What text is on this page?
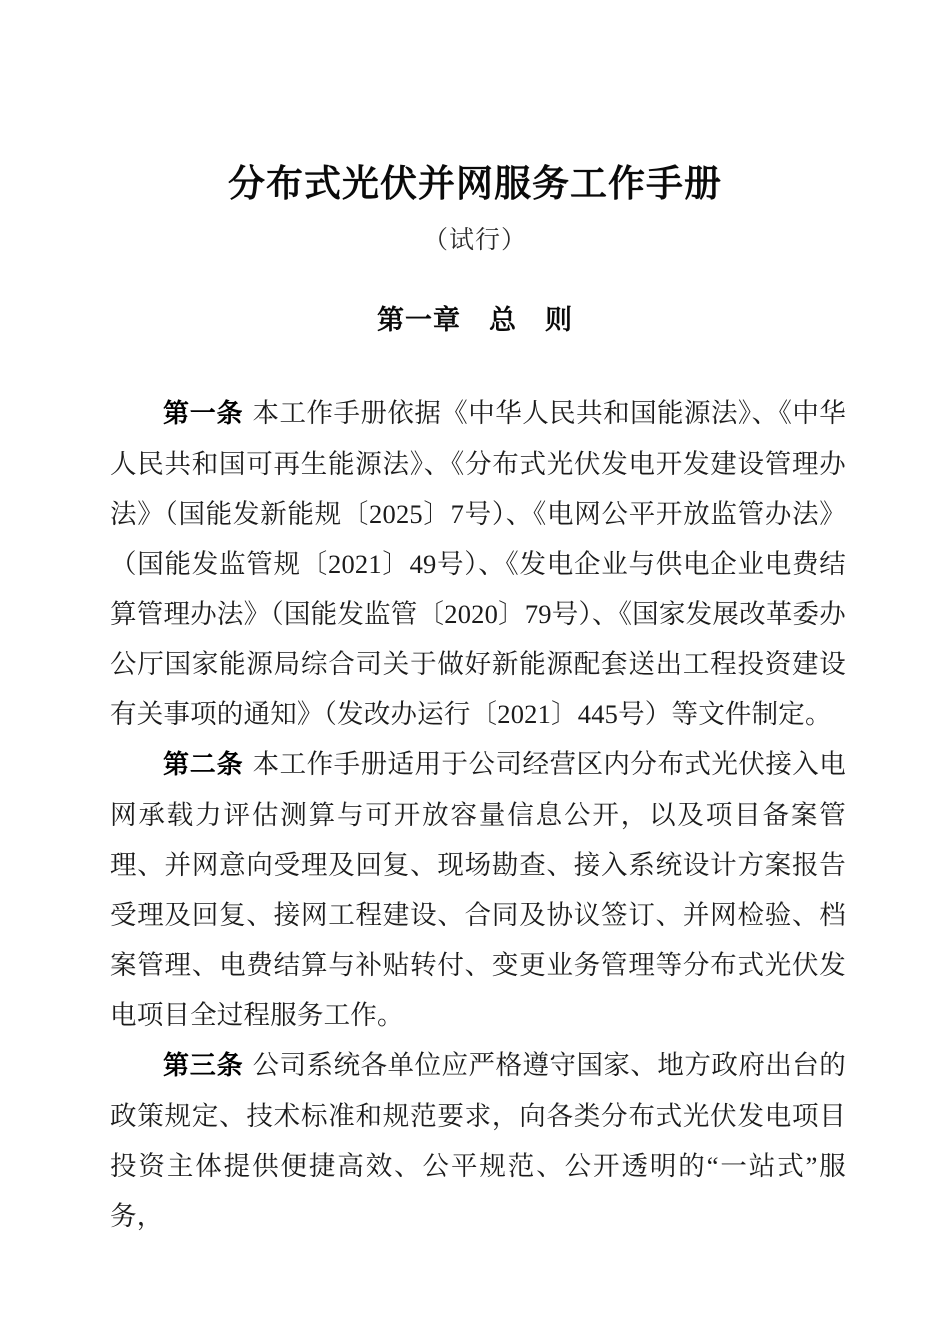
分布式光伏并网服务工作手册
（试行）
第一章　总　则

第一条 本工作手册依据《中华人民共和国能源法》、《中华人民共和国可再生能源法》、《分布式光伏发电开发建设管理办法》（国能发新能规〔2025〕7号）、《电网公平开放监管办法》（国能发监管规〔2021〕49号）、《发电企业与供电企业电费结算管理办法》（国能发监管〔2020〕79号）、《国家发展改革委办公厅国家能源局综合司关于做好新能源配套送出工程投资建设有关事项的通知》（发改办运行〔2021〕445号）等文件制定。

第二条 本工作手册适用于公司经营区内分布式光伏接入电网承载力评估测算与可开放容量信息公开，以及项目备案管理、并网意向受理及回复、现场勘查、接入系统设计方案报告受理及回复、接网工程建设、合同及协议签订、并网检验、档案管理、电费结算与补贴转付、变更业务管理等分布式光伏发电项目全过程服务工作。

第三条 公司系统各单位应严格遵守国家、地方政府出台的政策规定、技术标准和规范要求，向各类分布式光伏发电项目投资主体提供便捷高效、公平规范、公开透明的“一站式”服务，
